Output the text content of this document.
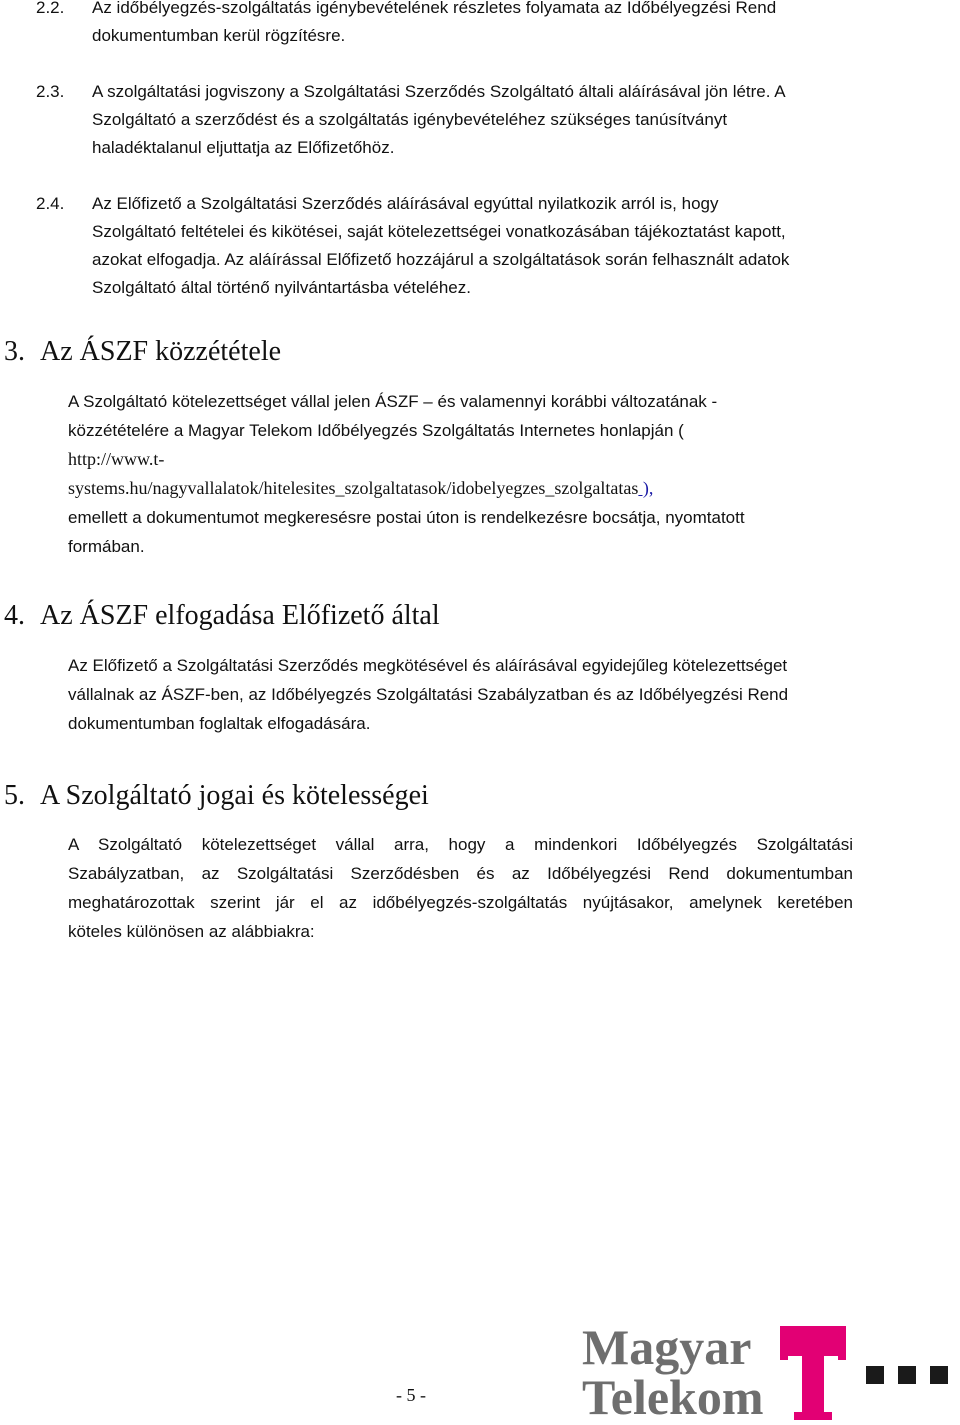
2.2. Az időbélyegzés-szolgáltatás igénybevételének részletes folyamata az Időbélyegzési Rend
dokumentumban kerül rögzítésre.

2.3. A szolgáltatási jogviszony a Szolgáltatási Szerződés Szolgáltató általi aláírásával jön létre. A
Szolgáltató a szerződést és a szolgáltatás igénybevételéhez szükséges tanúsítványt
haladéktalanul eljuttatja az Előfizetőhöz.

2.4. Az Előfizető a Szolgáltatási Szerződés aláírásával egyúttal nyilatkozik arról is, hogy
Szolgáltató feltételei és kikötései, saját kötelezettségei vonatkozásában tájékoztatást kapott,
azokat elfogadja. Az aláírással Előfizető hozzájárul a szolgáltatások során felhasznált adatok
Szolgáltató által történő nyilvántartásba vételéhez.

3. Az ÁSZF közzététele
A Szolgáltató kötelezettséget vállal jelen ÁSZF – és valamennyi korábbi változatának -
közzétételére a Magyar Telekom Időbélyegzés Szolgáltatás Internetes honlapján (
http://www.t-
systems.hu/nagyvallalatok/hitelesites_szolgaltatasok/idobelyegzes_szolgaltatas ),
emellett a dokumentumot megkeresésre postai úton is rendelkezésre bocsátja, nyomtatott
formában.
4. Az ÁSZF elfogadása Előfizető által
Az Előfizető a Szolgáltatási Szerződés megkötésével és aláírásával egyidejűleg kötelezettséget
vállalnak az ÁSZF-ben, az Időbélyegzés Szolgáltatási Szabályzatban és az Időbélyegzési Rend
dokumentumban foglaltak elfogadására.
5. A Szolgáltató jogai és kötelességei
A Szolgáltató kötelezettséget vállal arra, hogy a mindenkori Időbélyegzés Szolgáltatási
Szabályzatban, az Szolgáltatási Szerződésben és az Időbélyegzési Rend dokumentumban
meghatározottak szerint jár el az időbélyegzés-szolgáltatás nyújtásakor, amelynek keretében
köteles különösen az alábbiakra:
- 5 -
Magyar
Telekom
